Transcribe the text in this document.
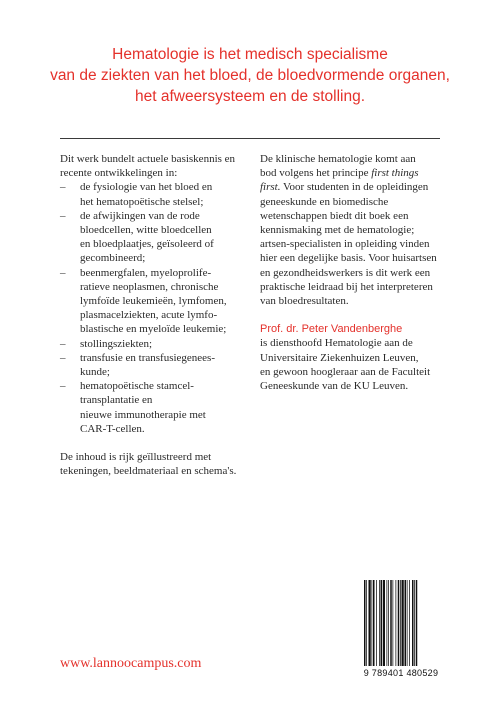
Hematologie is het medisch specialisme
van de ziekten van het bloed, de bloedvormende organen,
het afweersysteem en de stolling.
Dit werk bundelt actuele basiskennis en
recente ontwikkelingen in:
–	de fysiologie van het bloed en
het hematopoëtische stelsel;
–	de afwijkingen van de rode
bloedcellen, witte bloedcellen
en bloedplaatjes, geïsoleerd of
gecombineerd;
–	beenmergfalen, myeloprolife-
ratieve neoplasmen, chronische
lymfoïde leukemieën, lymfomen,
plasmacelziekten, acute lymfo-
blastische en myeloïde leukemie;
–	stollingsziekten;
–	transfusie en transfusiegenees-
kunde;
–	hematopoëtische stamcel-
transplantatie en
nieuwe immunotherapie met
CAR-T-cellen.
De inhoud is rijk geïllustreerd met
tekeningen, beeldmateriaal en schema's.
De klinische hematologie komt aan
bod volgens het principe first things
first. Voor studenten in de opleidingen
geneeskunde en biomedische
wetenschappen biedt dit boek een
kennismaking met de hematologie;
artsen-specialisten in opleiding vinden
hier een degelijke basis. Voor huisartsen
en gezondheidswerkers is dit werk een
praktische leidraad bij het interpreteren
van bloedresultaten.
Prof. dr. Peter Vandenberghe
is diensthoofd Hematologie aan de
Universitaire Ziekenhuizen Leuven,
en gewoon hoogleraar aan de Faculteit
Geneeskunde van de KU Leuven.
www.lannoocampus.com
9 789401 480529
